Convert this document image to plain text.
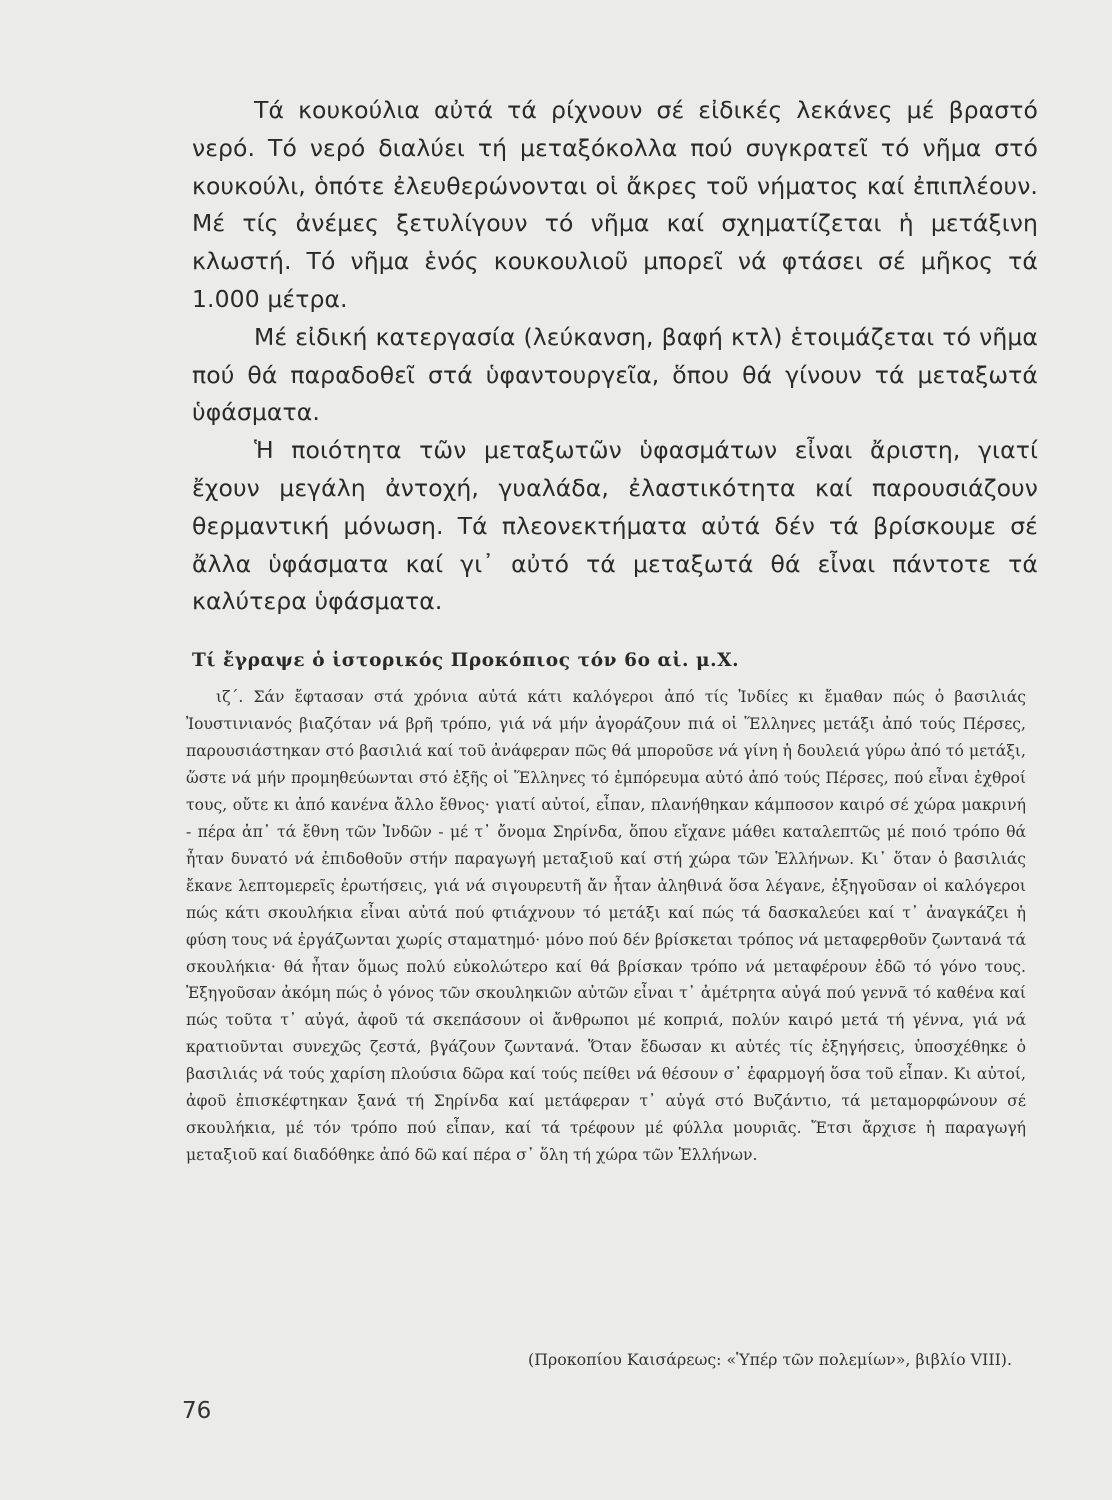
Τά κουκούλια αὐτά τά ρίχνουν σέ εἰδικές λεκάνες μέ βραστό νερό. Τό νερό διαλύει τή μεταξόκολλα πού συγκρατεῖ τό νῆμα στό κουκούλι, ὁπότε ἐλευθερώνονται οἱ ἄκρες τοῦ νήματος καί ἐπιπλέουν. Μέ τίς ἀνέμες ξετυλίγουν τό νῆμα καί σχηματίζεται ἡ μετάξινη κλωστή. Τό νῆμα ἑνός κουκουλιοῦ μπορεῖ νά φτάσει σέ μῆκος τά 1.000 μέτρα.

Μέ εἰδική κατεργασία (λεύκανση, βαφή κτλ) ἑτοιμάζεται τό νῆμα πού θά παραδοθεῖ στά ὑφαντουργεῖα, ὅπου θά γίνουν τά μεταξωτά ὑφάσματα.

Ἡ ποιότητα τῶν μεταξωτῶν ὑφασμάτων εἶναι ἄριστη, γιατί ἔχουν μεγάλη ἀντοχή, γυαλάδα, ἐλαστικότητα καί παρουσιάζουν θερμαντική μόνωση. Τά πλεονεκτήματα αὐτά δέν τά βρίσκουμε σέ ἄλλα ὑφάσματα καί γι᾽ αὐτό τά μεταξωτά θά εἶναι πάντοτε τά καλύτερα ὑφάσματα.

Τί ἔγραψε ὁ ἱστορικός Προκόπιος τόν 6ο αἰ. μ.Χ.

ιζ΄. Σάν ἔφτασαν στά χρόνια αὐτά κάτι καλόγεροι ἀπό τίς Ἰνδίες κι ἔμαθαν πώς ὁ βασιλιάς Ἰουστινιανός βιαζόταν νά βρῆ τρόπο, γιά νά μήν ἀγοράζουν πιά οἱ Ἕλληνες μετάξι ἀπό τούς Πέρσες, παρουσιάστηκαν στό βασιλιά καί τοῦ ἀνάφεραν πῶς θά μποροῦσε νά γίνη ἡ δουλειά γύρω ἀπό τό μετάξι, ὥστε νά μήν προμηθεύωνται στό ἑξῆς οἱ Ἕλληνες τό ἐμπόρευμα αὐτό ἀπό τούς Πέρσες, πού εἶναι ἐχθροί τους, οὔτε κι ἀπό κανένα ἄλλο ἔθνος· γιατί αὐτοί, εἶπαν, πλανήθηκαν κάμποσον καιρό σέ χώρα μακρινή - πέρα ἀπ᾽ τά ἔθνη τῶν Ἰνδῶν - μέ τ᾽ ὄνομα Σηρίνδα, ὅπου εἴχανε μάθει καταλεπτῶς μέ ποιό τρόπο θά ἦταν δυνατό νά ἐπιδοθοῦν στήν παραγωγή μεταξιοῦ καί στή χώρα τῶν Ἑλλήνων. Κι᾽ ὅταν ὁ βασιλιάς ἔκανε λεπτομερεῖς ἐρωτήσεις, γιά νά σιγουρευτῆ ἄν ἦταν ἀληθινά ὅσα λέγανε, ἐξηγοῦσαν οἱ καλόγεροι πώς κάτι σκουλήκια εἶναι αὐτά πού φτιάχνουν τό μετάξι καί πώς τά δασκαλεύει καί τ᾽ ἀναγκάζει ἡ φύση τους νά ἐργάζωνται χωρίς σταματημό· μόνο πού δέν βρίσκεται τρόπος νά μεταφερθοῦν ζωντανά τά σκουλήκια· θά ἦταν ὅμως πολύ εὐκολώτερο καί θά βρίσκαν τρόπο νά μεταφέρουν ἐδῶ τό γόνο τους. Ἐξηγοῦσαν ἀκόμη πώς ὁ γόνος τῶν σκουληκιῶν αὐτῶν εἶναι τ᾽ ἀμέτρητα αὐγά πού γεννᾶ τό καθένα καί πώς τοῦτα τ᾽ αὐγά, ἀφοῦ τά σκεπάσουν οἱ ἄνθρωποι μέ κοπριά, πολύν καιρό μετά τή γέννα, γιά νά κρατιοῦνται συνεχῶς ζεστά, βγάζουν ζωντανά. Ὅταν ἔδωσαν κι αὐτές τίς ἐξηγήσεις, ὑποσχέθηκε ὁ βασιλιάς νά τούς χαρίση πλούσια δῶρα καί τούς πείθει νά θέσουν σ᾽ ἐφαρμογή ὅσα τοῦ εἶπαν. Κι αὐτοί, ἀφοῦ ἐπισκέφτηκαν ξανά τή Σηρίνδα καί μετάφεραν τ᾽ αὐγά στό Βυζάντιο, τά μεταμορφώνουν σέ σκουλήκια, μέ τόν τρόπο πού εἶπαν, καί τά τρέφουν μέ φύλλα μουριᾶς. Ἔτσι ἄρχισε ἡ παραγωγή μεταξιοῦ καί διαδόθηκε ἀπό δῶ καί πέρα σ᾽ ὅλη τή χώρα τῶν Ἑλλήνων.

(Προκοπίου Καισάρεως: «Ὑπέρ τῶν πολεμίων», βιβλίο VIII).
76
